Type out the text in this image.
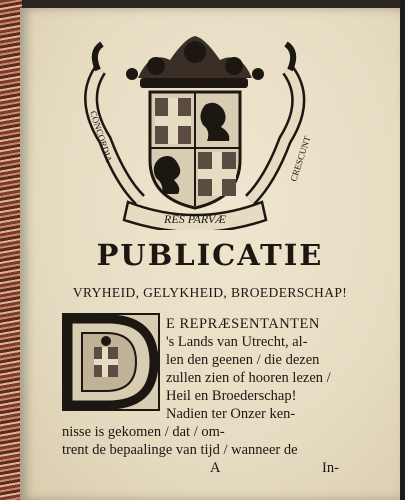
RES PARVÆ
CONCORDIA	CRESCUNT
PUBLICATIE

VRYHEID, GELYKHEID, BROEDERSCHAP!

E REPRÆSENTANTEN

's Lands van Utrecht, al-

len den geenen / die dezen

zullen zien of hooren lezen /

Heil en Broederschap!

Nadien ter Onzer ken-

nisse is gekomen / dat / om-

trent de bepaalinge van tijd / wanneer de

A	In-
